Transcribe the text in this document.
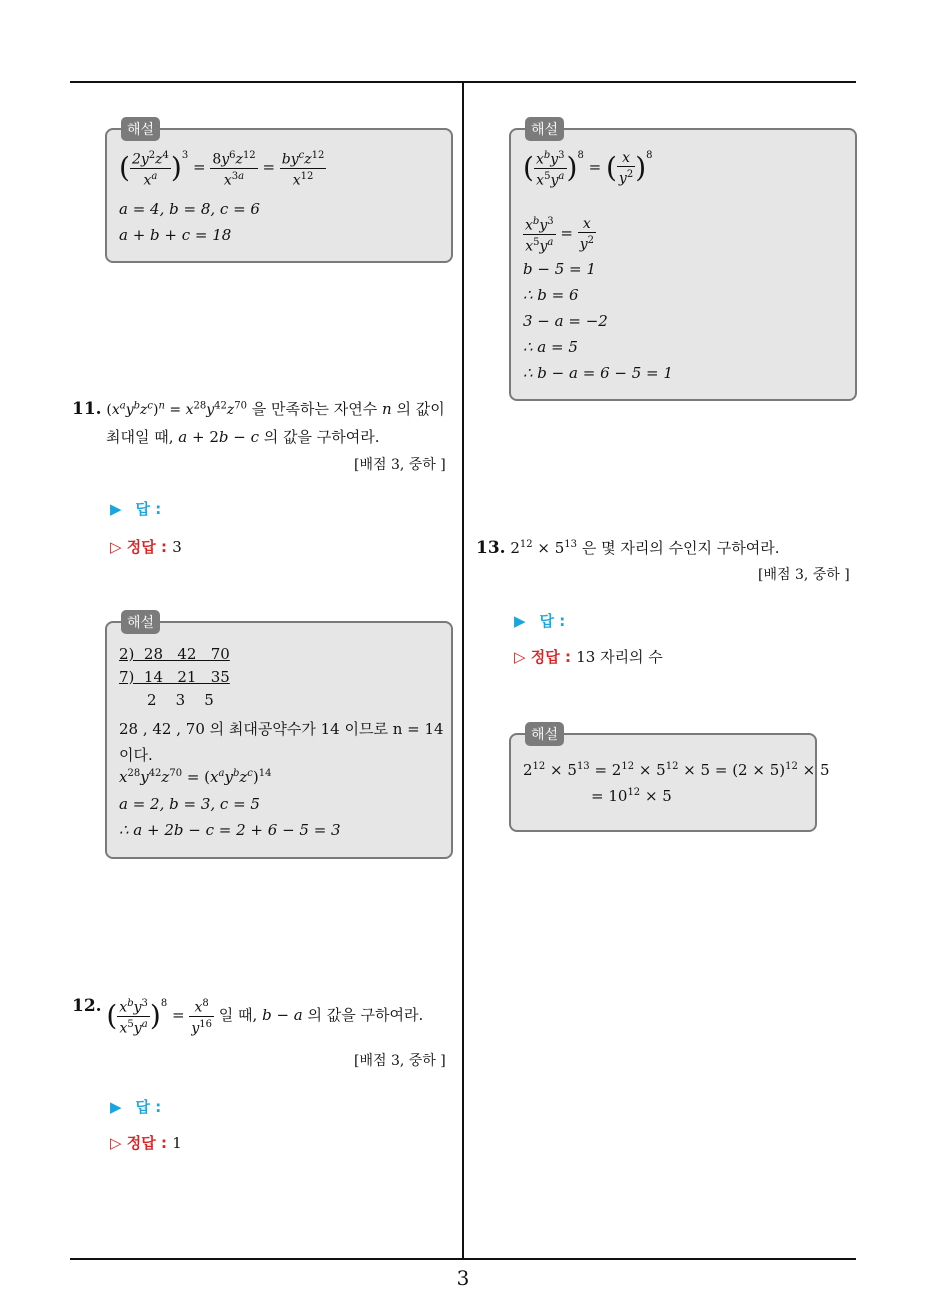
3
해설
( $\frac{2y^2z^4}{x^a} )^3 = \frac{8y^6z^{12}}{x^{3a}} = \frac{by^cz^{12}}{x^{12}}$
a = 4, b = 8, c = 6
a + b + c = 18
11. $(x^ay^bz^c)^n = x^{28}y^{42}z^{70}$ 을 만족하는 자연수 n 의 값이
최대일 때, a + 2b − c 의 값을 구하여라.
[배점 3, 중하 ]
▶ 답 :
▷ 정답 : 3
해설
2)  28   42   70
7)  14   21   35
2    3    5
28 , 42 , 70 의 최대공약수가 14 이므로 n = 14
이다.
$x^{28}y^{42}z^{70} = (x^ay^bz^c)^{14}$
a = 2, b = 3, c = 5
∴ a + 2b − c = 2 + 6 − 5 = 3
12. ( $\frac{x^by^3}{x^5y^a} )^8 = \frac{x^8}{y^{16}}$ 일 때, b − a 의 값을 구하여라.
[배점 3, 중하 ]
▶ 답 :
▷ 정답 : 1
해설
( $\frac{x^by^3}{x^5y^a} )^8$ = ( $\frac{x}{y^2} )^8$
$\frac{x^by^3}{x^5y^a} = \frac{x}{y^2}$
b − 5 = 1
∴ b = 6
3 − a = −2
∴ a = 5
∴ b − a = 6 − 5 = 1
13. $2^{12} \times 5^{13}$ 은 몇 자리의 수인지 구하여라.
[배점 3, 중하 ]
▶ 답 :
▷ 정답 : 13 자리의 수
해설
$2^{12} \times 5^{13} = 2^{12} \times 5^{12} \times 5 = (2 \times 5)^{12} \times 5$
= $10^{12} \times 5$
